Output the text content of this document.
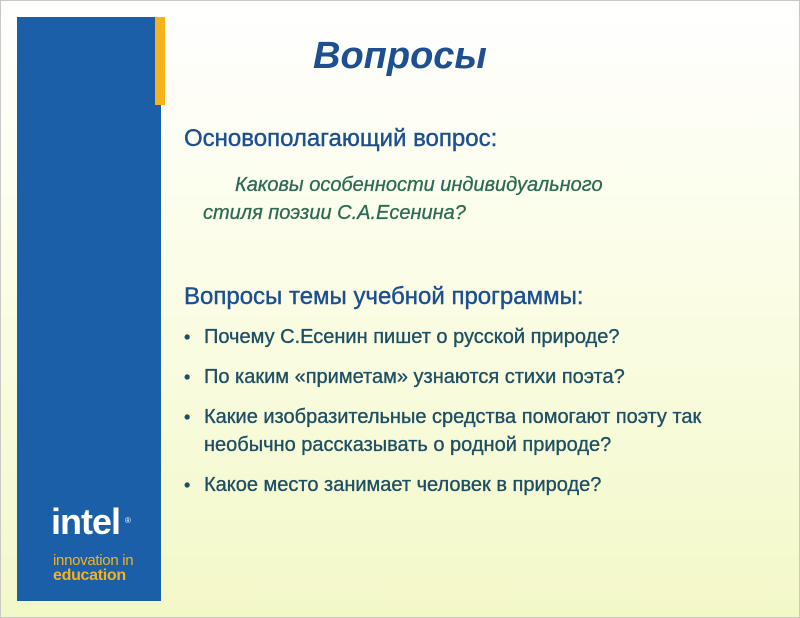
intel ®
innovation in
education
Вопросы
Основополагающий вопрос:
Каковы особенности индивидуального
стиля поэзии С.А.Есенина?
Вопросы темы учебной программы:
• Почему С.Есенин пишет о русской природе?
• По каким «приметам» узнаются стихи поэта?
• Какие изобразительные средства помогают поэту так необычно рассказывать о родной природе?
• Какое место занимает человек в природе?
